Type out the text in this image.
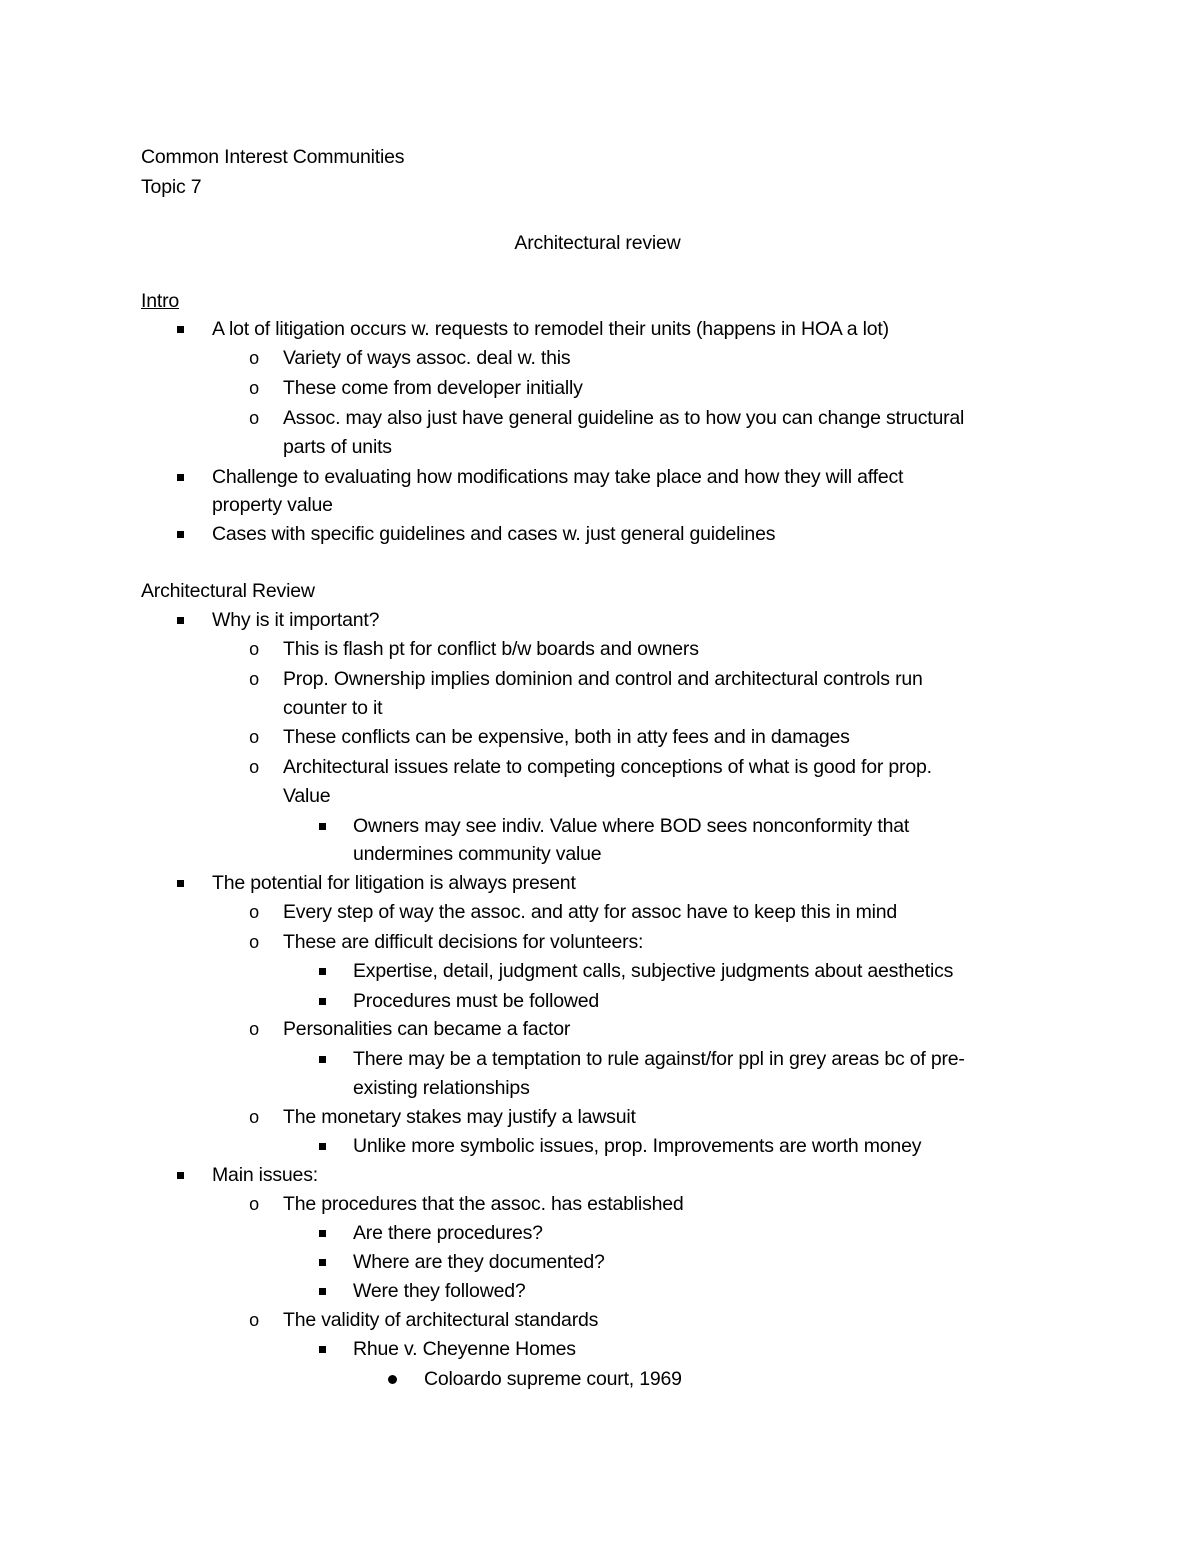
Common Interest Communities
Topic 7
Architectural review
Intro
A lot of litigation occurs w. requests to remodel their units (happens in HOA a lot)
o Variety of ways assoc. deal w. this
o These come from developer initially
o Assoc. may also just have general guideline as to how you can change structural
parts of units
Challenge to evaluating how modifications may take place and how they will affect
property value
Cases with specific guidelines and cases w. just general guidelines
Architectural Review
Why is it important?
o This is flash pt for conflict b/w boards and owners
o Prop. Ownership implies dominion and control and architectural controls run
counter to it
o These conflicts can be expensive, both in atty fees and in damages
o Architectural issues relate to competing conceptions of what is good for prop.
Value
Owners may see indiv. Value where BOD sees nonconformity that
undermines community value
The potential for litigation is always present
o Every step of way the assoc. and atty for assoc have to keep this in mind
o These are difficult decisions for volunteers:
Expertise, detail, judgment calls, subjective judgments about aesthetics
Procedures must be followed
o Personalities can became a factor
There may be a temptation to rule against/for ppl in grey areas bc of pre-
existing relationships
o The monetary stakes may justify a lawsuit
Unlike more symbolic issues, prop. Improvements are worth money
Main issues:
o The procedures that the assoc. has established
Are there procedures?
Where are they documented?
Were they followed?
o The validity of architectural standards
Rhue v. Cheyenne Homes
Coloardo supreme court, 1969
